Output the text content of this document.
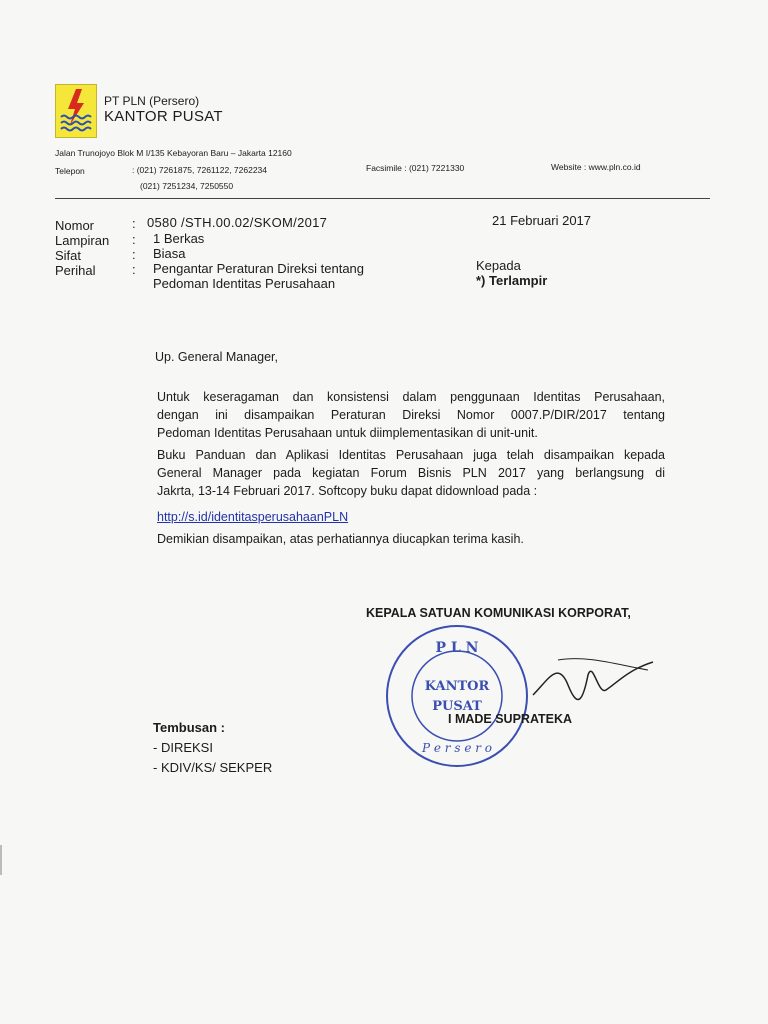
PT PLN (Persero)
KANTOR PUSAT
Jalan Trunojoyo Blok M I/135 Kebayoran Baru – Jakarta 12160
Telepon	: (021) 7261875, 7261122, 7262234
(021) 7251234, 7250550
Facsimile : (021) 7221330	Website : www.pln.co.id
Nomor	: 0580 /STH.00.02/SKOM/2017
Lampiran : 1 Berkas
Sifat	: Biasa
Perihal	: Pengantar Peraturan Direksi tentang
Pedoman Identitas Perusahaan
21 Februari 2017
Kepada
*) Terlampir
Up. General Manager,
Untuk keseragaman dan konsistensi dalam penggunaan Identitas Perusahaan,
dengan ini disampaikan Peraturan Direksi Nomor 0007.P/DIR/2017 tentang
Pedoman Identitas Perusahaan untuk diimplementasikan di unit-unit.
Buku Panduan dan Aplikasi Identitas Perusahaan juga telah disampaikan kepada
General Manager pada kegiatan Forum Bisnis PLN 2017 yang berlangsung di
Jakrta, 13-14 Februari 2017. Softcopy buku dapat didownload pada :
http://s.id/identitasperusahaanPLN
Demikian disampaikan, atas perhatiannya diucapkan terima kasih.
KEPALA SATUAN KOMUNIKASI KORPORAT,
P L N
P e r s e r o
KANTOR
PUSAT
I MADE SUPRATEKA
Tembusan :
- DIREKSI
- KDIV/KS/ SEKPER
